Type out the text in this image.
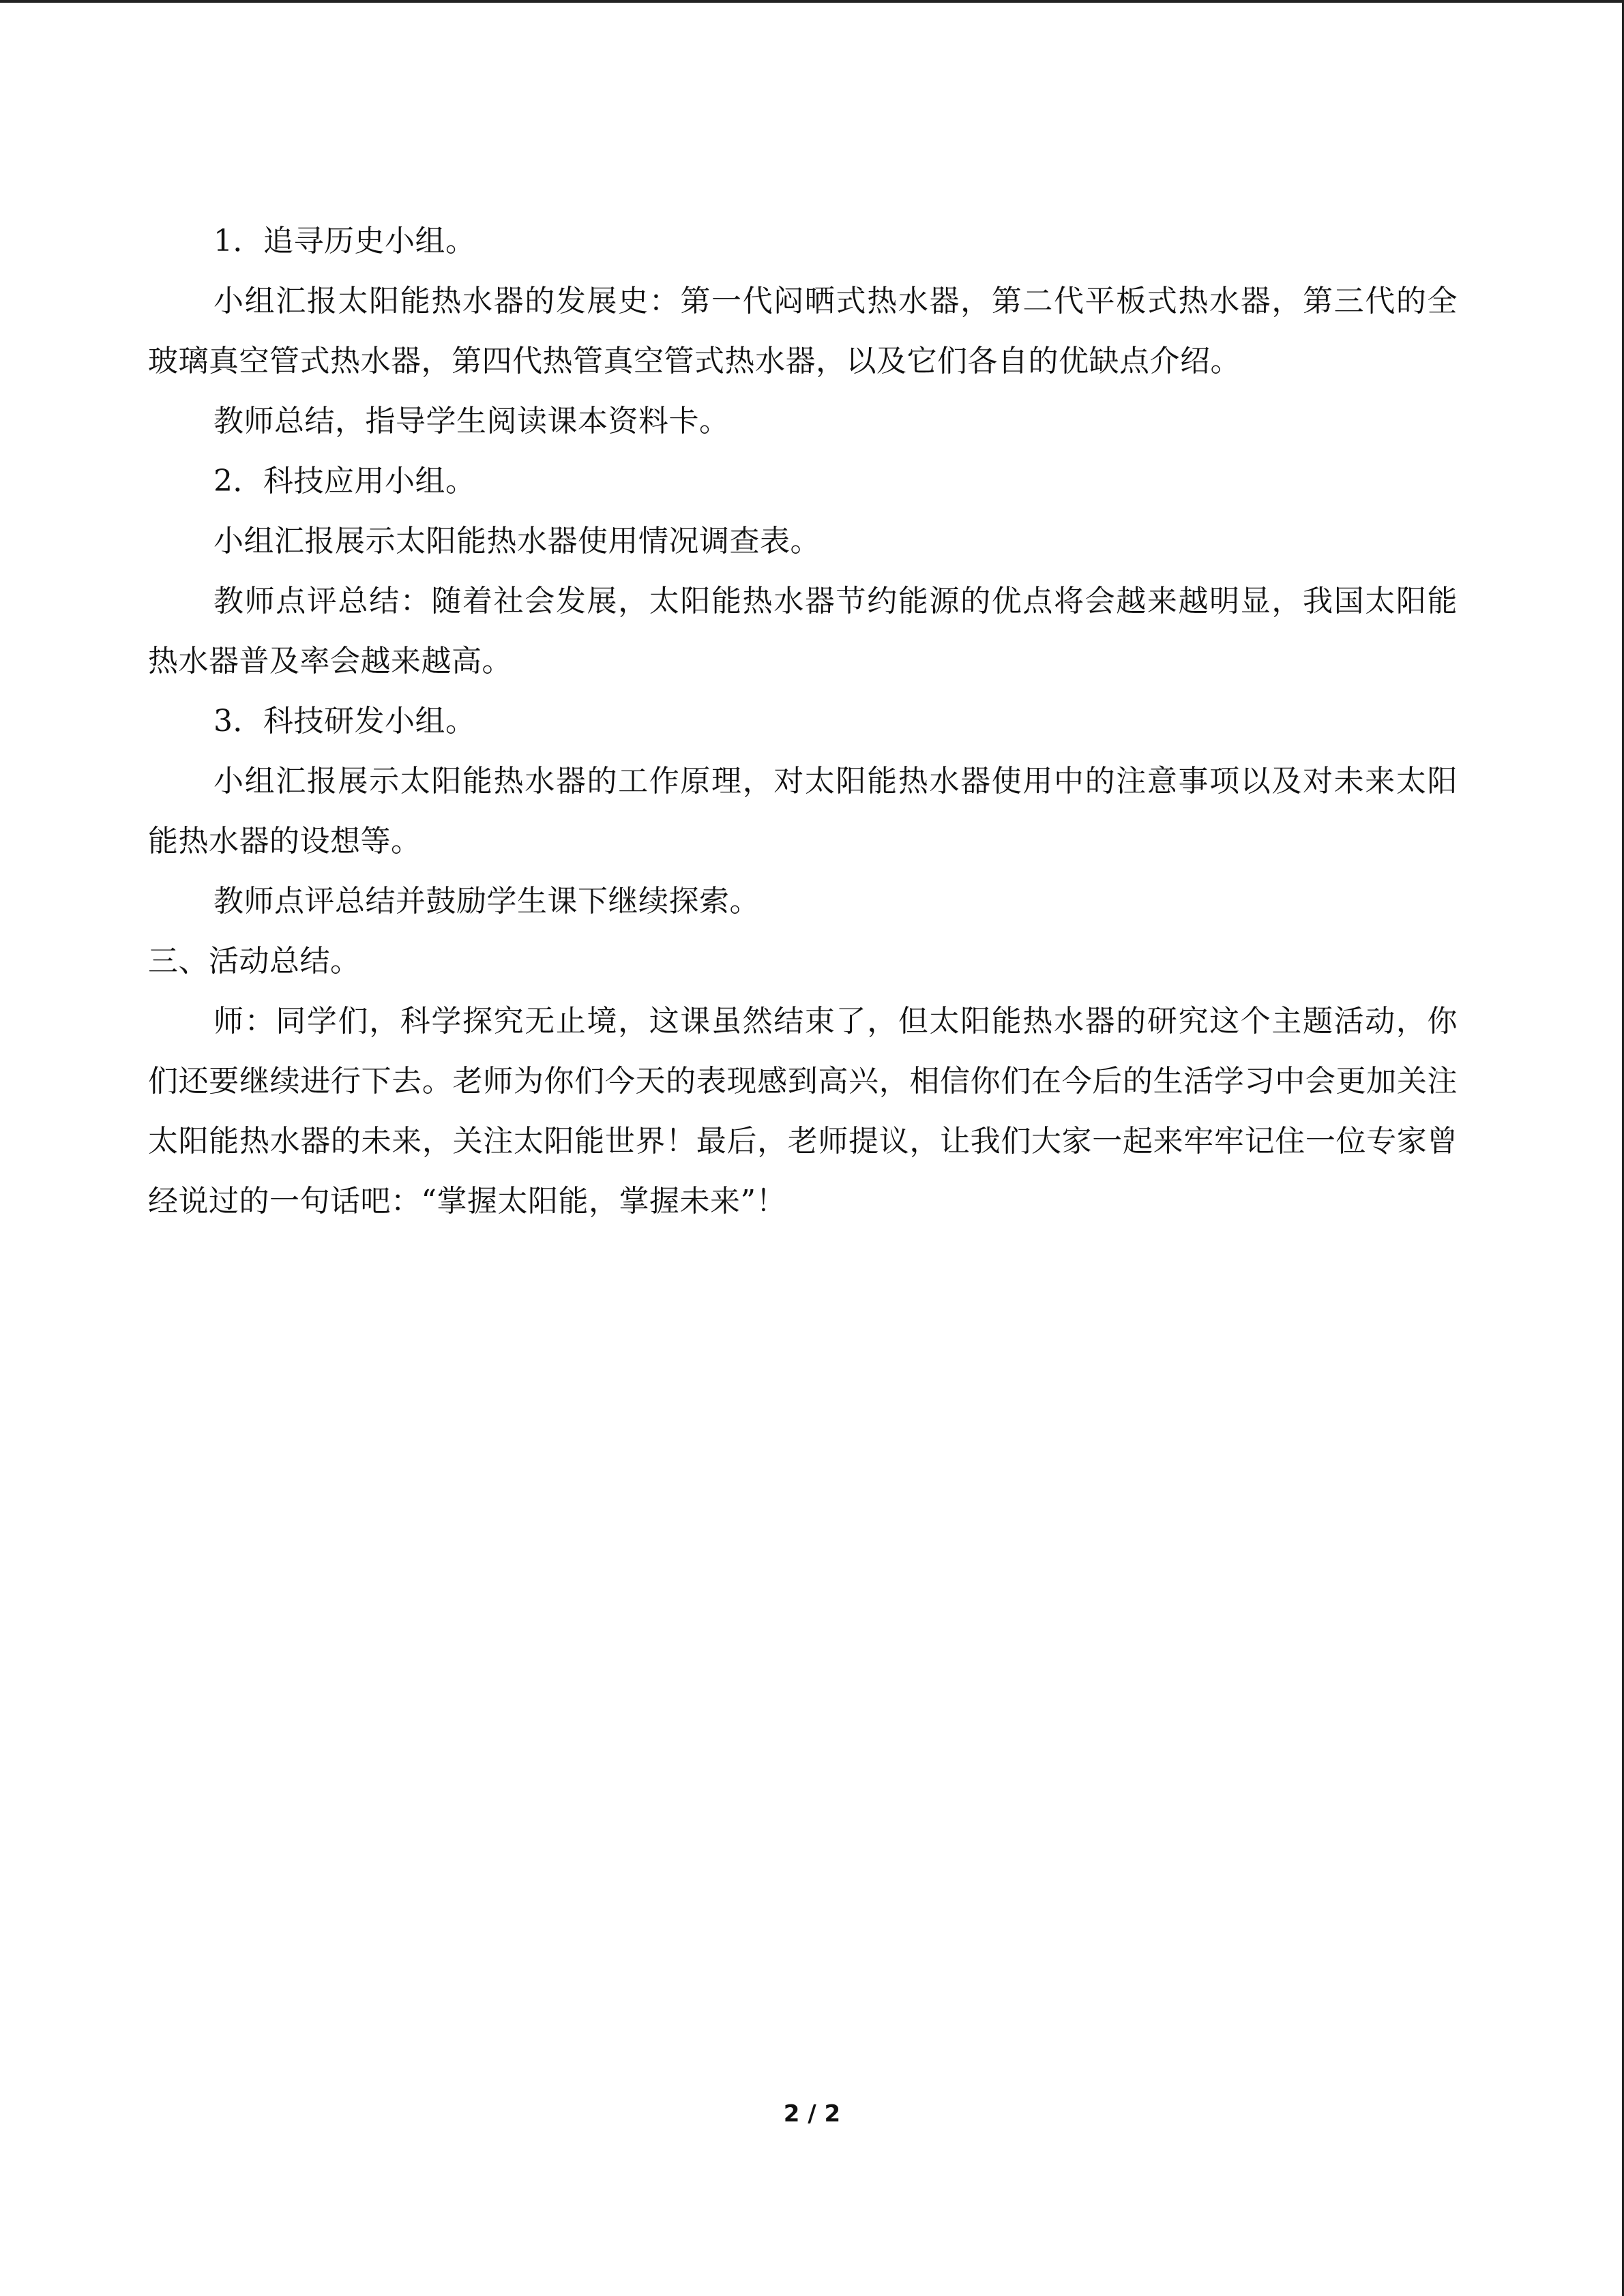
1．追寻历史小组。

小组汇报太阳能热水器的发展史：第一代闷晒式热水器，第二代平板式热水器，第三代的全玻璃真空管式热水器，第四代热管真空管式热水器，以及它们各自的优缺点介绍。

教师总结，指导学生阅读课本资料卡。

2．科技应用小组。

小组汇报展示太阳能热水器使用情况调查表。

教师点评总结：随着社会发展，太阳能热水器节约能源的优点将会越来越明显，我国太阳能热水器普及率会越来越高。

3．科技研发小组。

小组汇报展示太阳能热水器的工作原理，对太阳能热水器使用中的注意事项以及对未来太阳能热水器的设想等。

教师点评总结并鼓励学生课下继续探索。

三、活动总结。

师：同学们，科学探究无止境，这课虽然结束了，但太阳能热水器的研究这个主题活动，你们还要继续进行下去。老师为你们今天的表现感到高兴，相信你们在今后的生活学习中会更加关注太阳能热水器的未来，关注太阳能世界！最后，老师提议，让我们大家一起来牢牢记住一位专家曾经说过的一句话吧：“掌握太阳能，掌握未来”！

2 / 2
